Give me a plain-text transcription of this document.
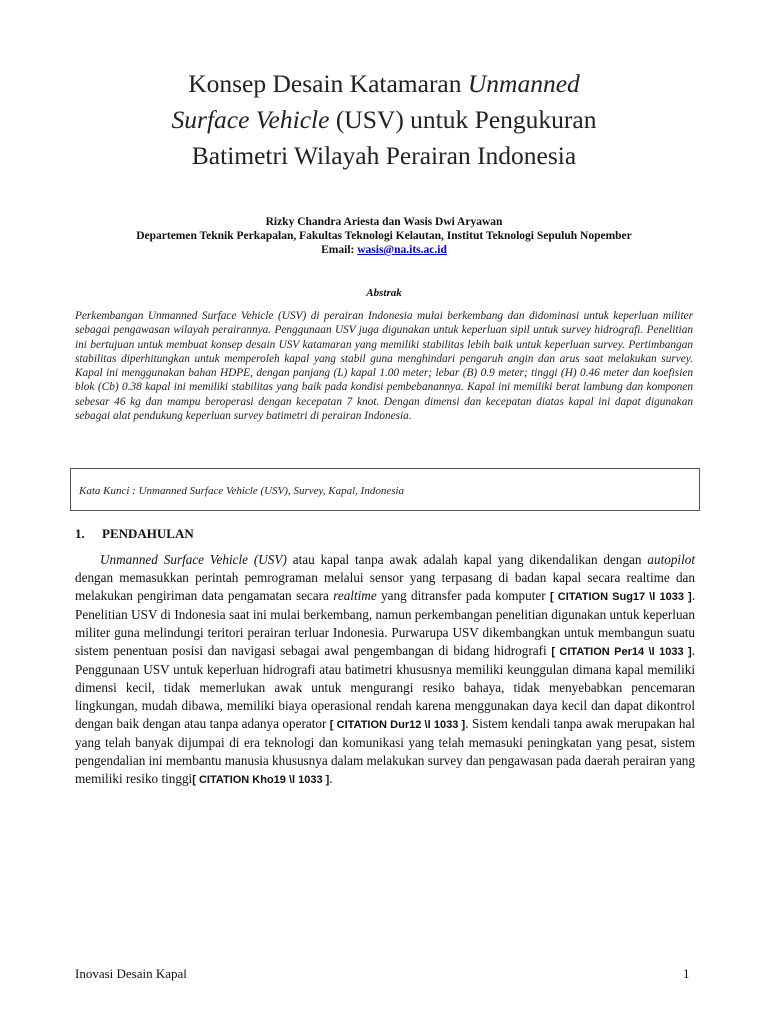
Konsep Desain Katamaran Unmanned
Surface Vehicle (USV) untuk Pengukuran
Batimetri Wilayah Perairan Indonesia
Rizky Chandra Ariesta dan Wasis Dwi Aryawan
Departemen Teknik Perkapalan, Fakultas Teknologi Kelautan, Institut Teknologi Sepuluh Nopember
Email: wasis@na.its.ac.id
Abstrak
Perkembangan Unmanned Surface Vehicle (USV) di perairan Indonesia mulai berkembang dan didominasi untuk keperluan militer sebagai pengawasan wilayah perairannya. Penggunaan USV juga digunakan untuk keperluan sipil untuk survey hidrografi. Penelitian ini bertujuan untuk membuat konsep desain USV katamaran yang memiliki stabilitas lebih baik untuk keperluan survey. Pertimbangan stabilitas diperhitungkan untuk memperoleh kapal yang stabil guna menghindari pengaruh angin dan arus saat melakukan survey. Kapal ini menggunakan bahan HDPE, dengan panjang (L) kapal 1.00 meter; lebar (B) 0.9 meter; tinggi (H) 0.46 meter dan koefisien blok (Cb) 0.38 kapal ini memiliki stabilitas yang baik pada kondisi pembebanannya. Kapal ini memiliki berat lambung dan komponen sebesar 46 kg dan mampu beroperasi dengan kecepatan 7 knot. Dengan dimensi dan kecepatan diatas kapal ini dapat digunakan sebagai alat pendukung keperluan survey batimetri di perairan Indonesia.
Kata Kunci : Unmanned Surface Vehicle (USV), Survey, Kapal, Indonesia
1. PENDAHULAN

Unmanned Surface Vehicle (USV) atau kapal tanpa awak adalah kapal yang dikendalikan dengan autopilot dengan memasukkan perintah pemrograman melalui sensor yang terpasang di badan kapal secara realtime dan melakukan pengiriman data pengamatan secara realtime yang ditransfer pada komputer [ CITATION Sug17 \l 1033 ]. Penelitian USV di Indonesia saat ini mulai berkembang, namun perkembangan penelitian digunakan untuk keperluan militer guna melindungi teritori perairan terluar Indonesia. Purwarupa USV dikembangkan untuk membangun suatu sistem penentuan posisi dan navigasi sebagai awal pengembangan di bidang hidrografi [ CITATION Per14 \l 1033 ]. Penggunaan USV untuk keperluan hidrografi atau batimetri khususnya memiliki keunggulan dimana kapal memiliki dimensi kecil, tidak memerlukan awak untuk mengurangi resiko bahaya, tidak menyebabkan pencemaran lingkungan, mudah dibawa, memiliki biaya operasional rendah karena menggunakan daya kecil dan dapat dikontrol dengan baik dengan atau tanpa adanya operator [ CITATION Dur12 \l 1033 ]. Sistem kendali tanpa awak merupakan hal yang telah banyak dijumpai di era teknologi dan komunikasi yang telah memasuki peningkatan yang pesat, sistem pengendalian ini membantu manusia khususnya dalam melakukan survey dan pengawasan pada daerah perairan yang memiliki resiko tinggi[ CITATION Kho19 \l 1033 ].

Inovasi Desain Kapal	1
